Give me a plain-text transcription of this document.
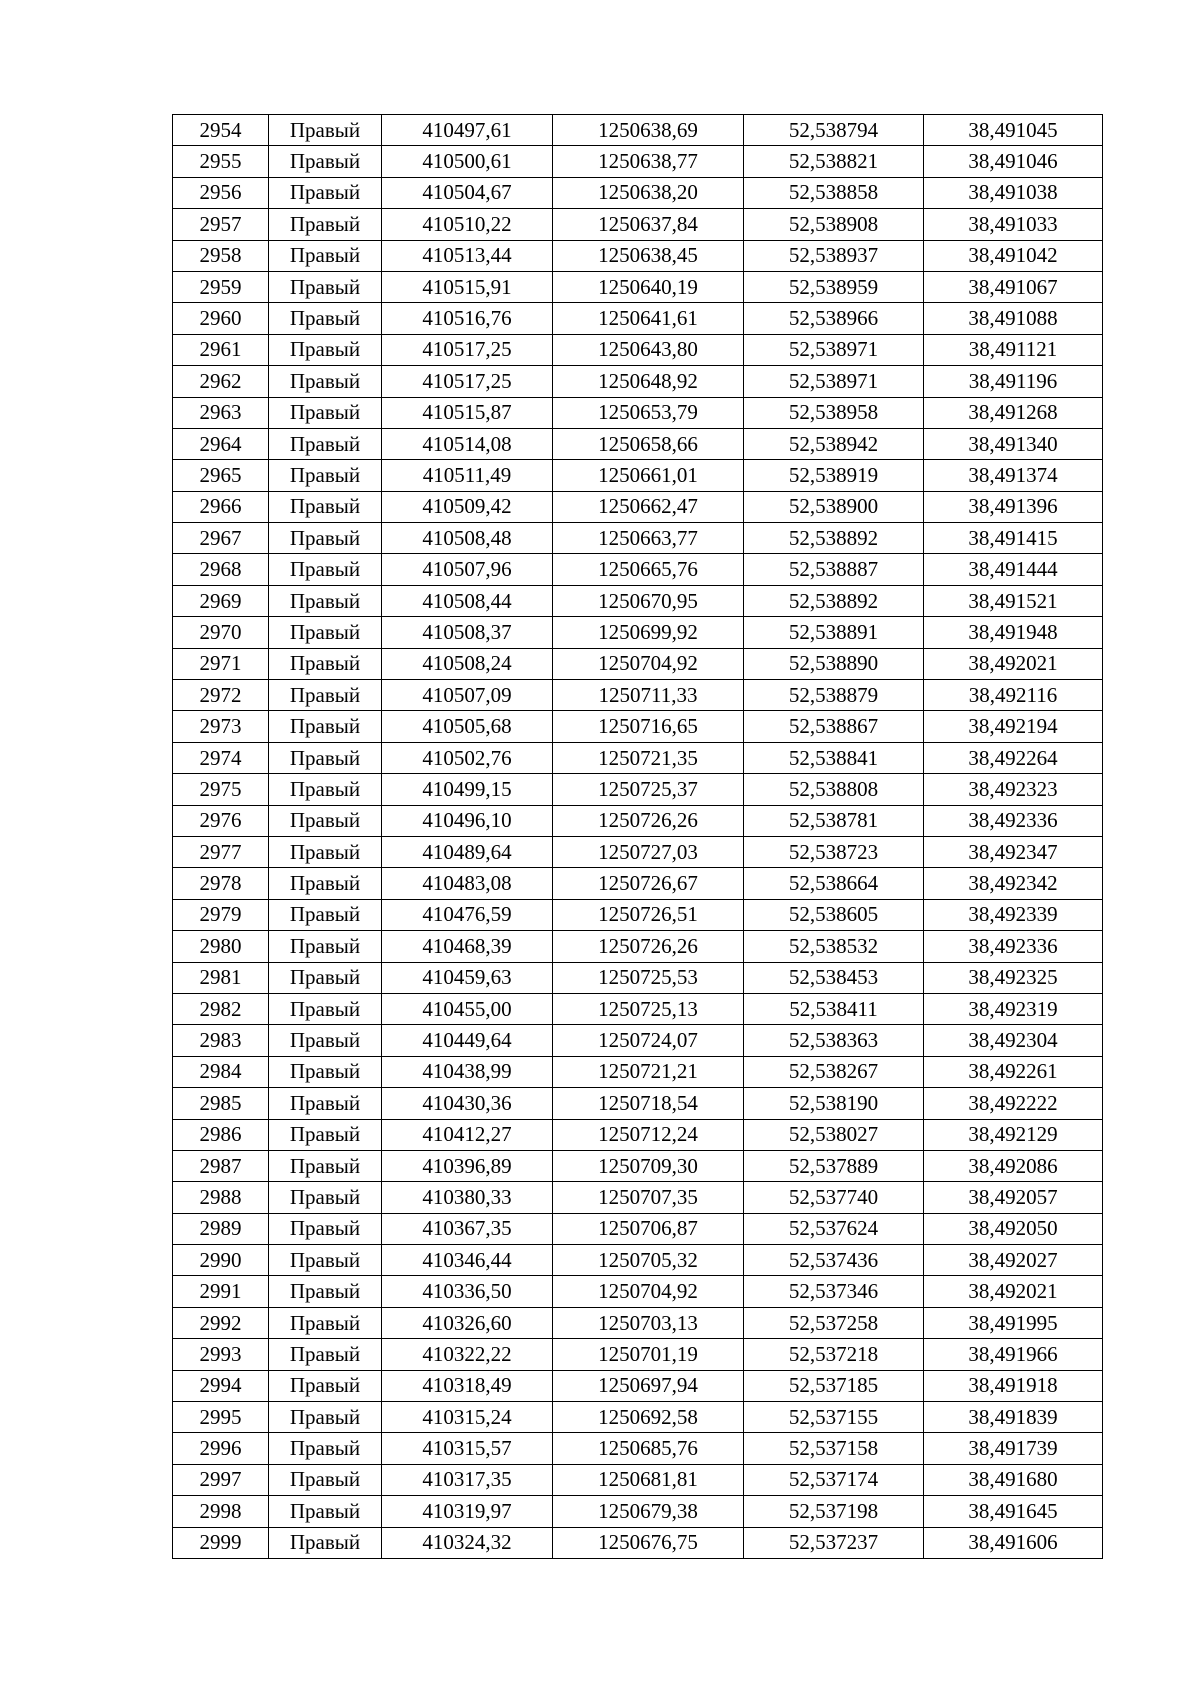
2954	Правый	410497,61	1250638,69	52,538794	38,491045
2955	Правый	410500,61	1250638,77	52,538821	38,491046
2956	Правый	410504,67	1250638,20	52,538858	38,491038
2957	Правый	410510,22	1250637,84	52,538908	38,491033
2958	Правый	410513,44	1250638,45	52,538937	38,491042
2959	Правый	410515,91	1250640,19	52,538959	38,491067
2960	Правый	410516,76	1250641,61	52,538966	38,491088
2961	Правый	410517,25	1250643,80	52,538971	38,491121
2962	Правый	410517,25	1250648,92	52,538971	38,491196
2963	Правый	410515,87	1250653,79	52,538958	38,491268
2964	Правый	410514,08	1250658,66	52,538942	38,491340
2965	Правый	410511,49	1250661,01	52,538919	38,491374
2966	Правый	410509,42	1250662,47	52,538900	38,491396
2967	Правый	410508,48	1250663,77	52,538892	38,491415
2968	Правый	410507,96	1250665,76	52,538887	38,491444
2969	Правый	410508,44	1250670,95	52,538892	38,491521
2970	Правый	410508,37	1250699,92	52,538891	38,491948
2971	Правый	410508,24	1250704,92	52,538890	38,492021
2972	Правый	410507,09	1250711,33	52,538879	38,492116
2973	Правый	410505,68	1250716,65	52,538867	38,492194
2974	Правый	410502,76	1250721,35	52,538841	38,492264
2975	Правый	410499,15	1250725,37	52,538808	38,492323
2976	Правый	410496,10	1250726,26	52,538781	38,492336
2977	Правый	410489,64	1250727,03	52,538723	38,492347
2978	Правый	410483,08	1250726,67	52,538664	38,492342
2979	Правый	410476,59	1250726,51	52,538605	38,492339
2980	Правый	410468,39	1250726,26	52,538532	38,492336
2981	Правый	410459,63	1250725,53	52,538453	38,492325
2982	Правый	410455,00	1250725,13	52,538411	38,492319
2983	Правый	410449,64	1250724,07	52,538363	38,492304
2984	Правый	410438,99	1250721,21	52,538267	38,492261
2985	Правый	410430,36	1250718,54	52,538190	38,492222
2986	Правый	410412,27	1250712,24	52,538027	38,492129
2987	Правый	410396,89	1250709,30	52,537889	38,492086
2988	Правый	410380,33	1250707,35	52,537740	38,492057
2989	Правый	410367,35	1250706,87	52,537624	38,492050
2990	Правый	410346,44	1250705,32	52,537436	38,492027
2991	Правый	410336,50	1250704,92	52,537346	38,492021
2992	Правый	410326,60	1250703,13	52,537258	38,491995
2993	Правый	410322,22	1250701,19	52,537218	38,491966
2994	Правый	410318,49	1250697,94	52,537185	38,491918
2995	Правый	410315,24	1250692,58	52,537155	38,491839
2996	Правый	410315,57	1250685,76	52,537158	38,491739
2997	Правый	410317,35	1250681,81	52,537174	38,491680
2998	Правый	410319,97	1250679,38	52,537198	38,491645
2999	Правый	410324,32	1250676,75	52,537237	38,491606
